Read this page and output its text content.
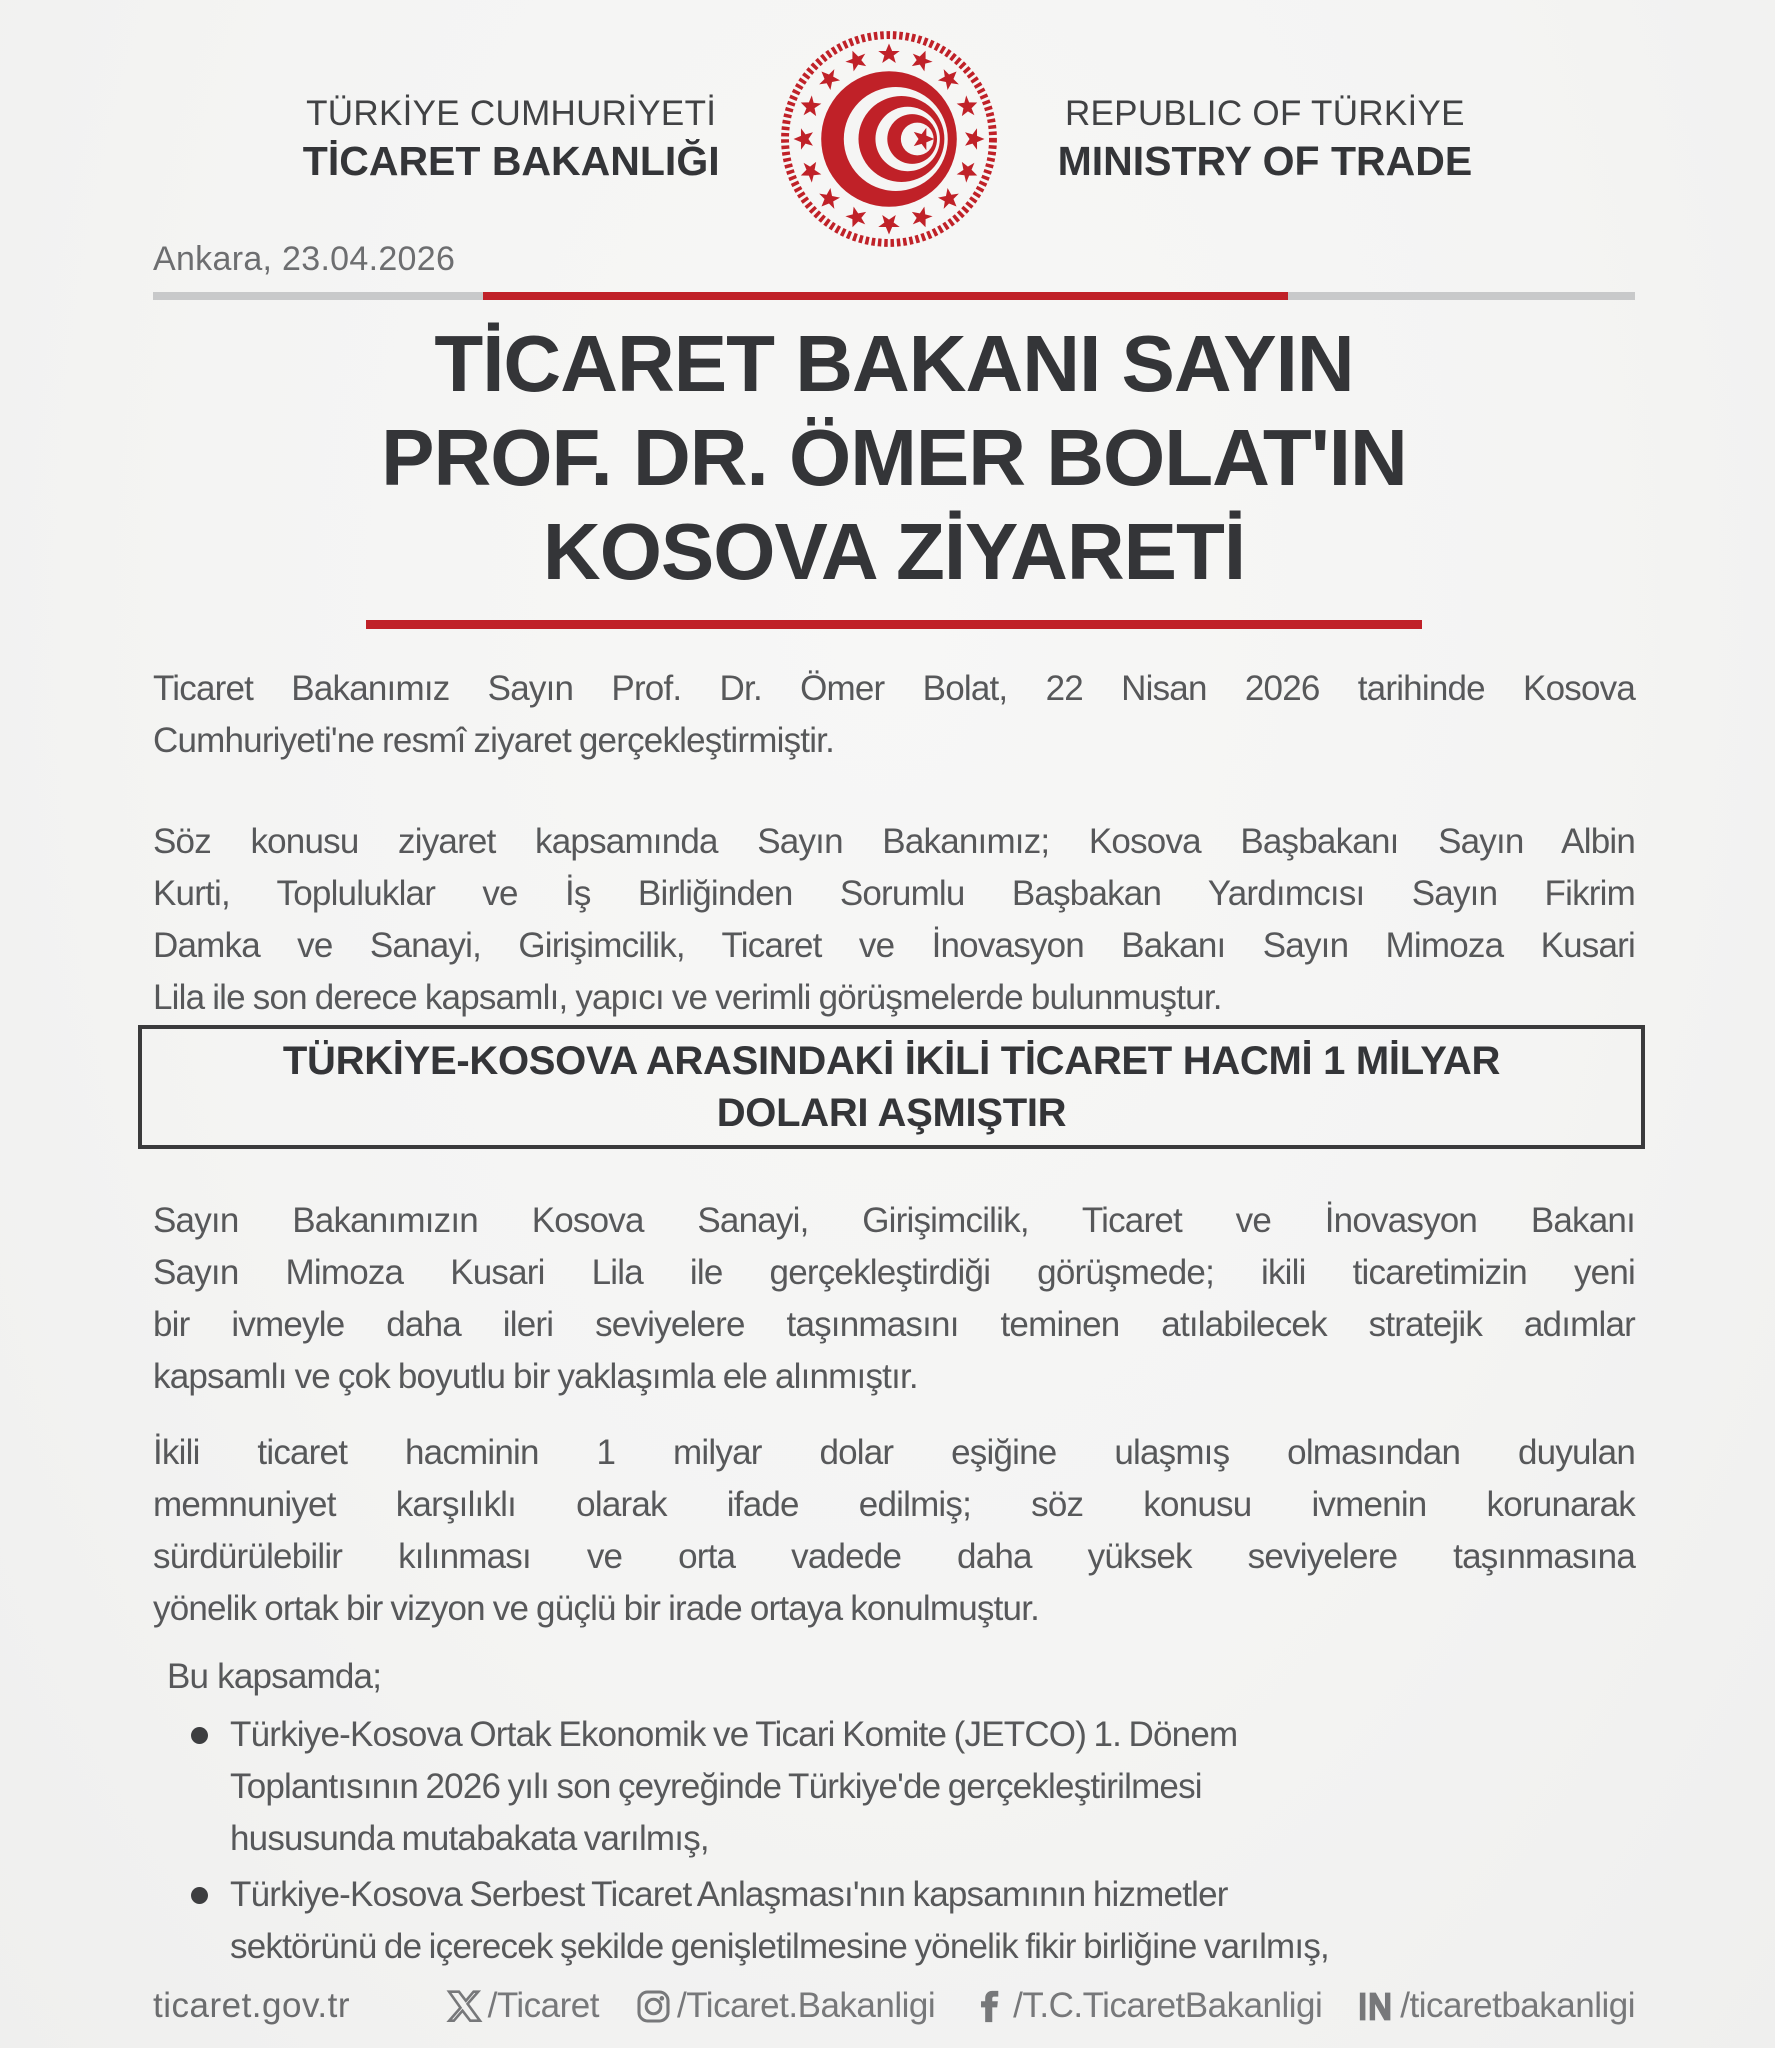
TÜRKİYE CUMHURİYETİ
TİCARET BAKANLIĞI
REPUBLIC OF TÜRKİYE
MINISTRY OF TRADE
Ankara, 23.04.2026
TİCARET BAKANI SAYIN
PROF. DR. ÖMER BOLAT'IN
KOSOVA ZİYARETİ
Ticaret Bakanımız Sayın Prof. Dr. Ömer Bolat, 22 Nisan 2026 tarihinde Kosova
Cumhuriyeti'ne resmî ziyaret gerçekleştirmiştir.
Söz konusu ziyaret kapsamında Sayın Bakanımız; Kosova Başbakanı Sayın Albin
Kurti, Topluluklar ve İş Birliğinden Sorumlu Başbakan Yardımcısı Sayın Fikrim
Damka ve Sanayi, Girişimcilik, Ticaret ve İnovasyon Bakanı Sayın Mimoza Kusari
Lila ile son derece kapsamlı, yapıcı ve verimli görüşmelerde bulunmuştur.
TÜRKİYE-KOSOVA ARASINDAKİ İKİLİ TİCARET HACMİ 1 MİLYAR
DOLARI AŞMIŞTIR
Sayın Bakanımızın Kosova Sanayi, Girişimcilik, Ticaret ve İnovasyon Bakanı
Sayın Mimoza Kusari Lila ile gerçekleştirdiği görüşmede; ikili ticaretimizin yeni
bir ivmeyle daha ileri seviyelere taşınmasını teminen atılabilecek stratejik adımlar
kapsamlı ve çok boyutlu bir yaklaşımla ele alınmıştır.
İkili ticaret hacminin 1 milyar dolar eşiğine ulaşmış olmasından duyulan
memnuniyet karşılıklı olarak ifade edilmiş; söz konusu ivmenin korunarak
sürdürülebilir kılınması ve orta vadede daha yüksek seviyelere taşınmasına
yönelik ortak bir vizyon ve güçlü bir irade ortaya konulmuştur.
Bu kapsamda;
Türkiye-Kosova Ortak Ekonomik ve Ticari Komite (JETCO) 1. Dönem
Toplantısının 2026 yılı son çeyreğinde Türkiye'de gerçekleştirilmesi
hususunda mutabakata varılmış,
Türkiye-Kosova Serbest Ticaret Anlaşması'nın kapsamının hizmetler
sektörünü de içerecek şekilde genişletilmesine yönelik fikir birliğine varılmış,
ticaret.gov.tr	/Ticaret /Ticaret.Bakanligi /T.C.TicaretBakanligi /ticaretbakanligi
